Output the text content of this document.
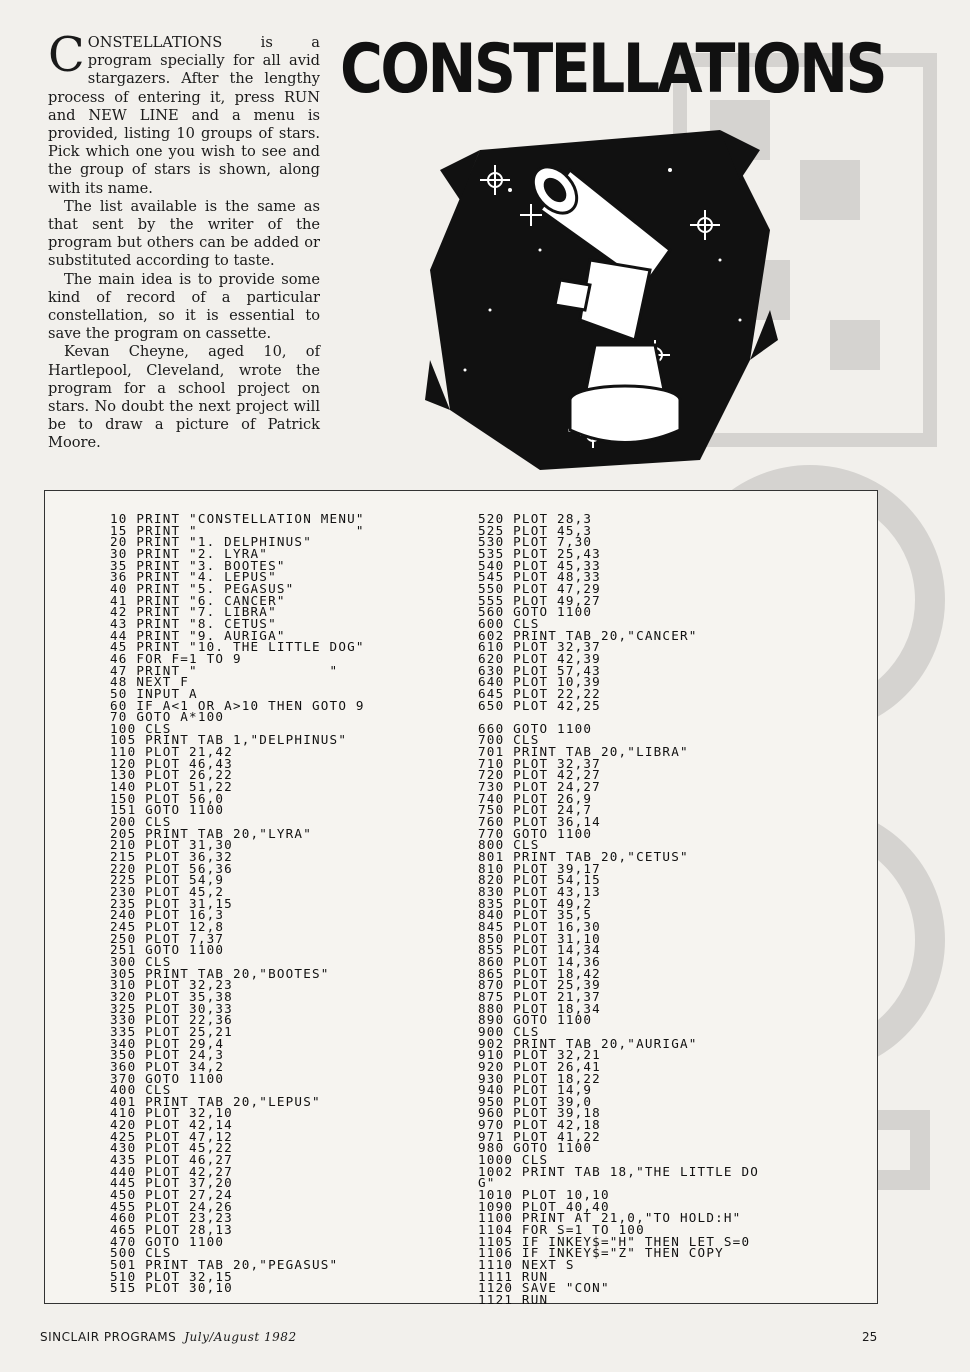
CONSTELLATIONS is a program specially for all avid stargazers. After the lengthy process of entering it, press RUN and NEW LINE and a menu is provided, listing 10 groups of stars. Pick which one you wish to see and the group of stars is shown, along with its name.

The list available is the same as that sent by the writer of the program but others can be added or substituted according to taste.

The main idea is to provide some kind of record of a particular constellation, so it is essential to save the program on cassette.

Kevan Cheyne, aged 10, of Hartlepool, Cleveland, wrote the program for a school project on stars. No doubt the next project will be to draw a picture of Patrick Moore.

CONSTELLATIONS
10 PRINT "CONSTELLATION MENU"
15 PRINT "                  "
20 PRINT "1. DELPHINUS"
30 PRINT "2. LYRA"
35 PRINT "3. BOOTES"
36 PRINT "4. LEPUS"
40 PRINT "5. PEGASUS"
41 PRINT "6. CANCER"
42 PRINT "7. LIBRA"
43 PRINT "8. CETUS"
44 PRINT "9. AURIGA"
45 PRINT "10. THE LITTLE DOG"
46 FOR F=1 TO 9
47 PRINT "               "
48 NEXT F
50 INPUT A
60 IF A<1 OR A>10 THEN GOTO 9
70 GOTO A*100
100 CLS
105 PRINT TAB 1,"DELPHINUS"
110 PLOT 21,42
120 PLOT 46,43
130 PLOT 26,22
140 PLOT 51,22
150 PLOT 56,0
151 GOTO 1100
200 CLS
205 PRINT TAB 20,"LYRA"
210 PLOT 31,30
215 PLOT 36,32
220 PLOT 56,36
225 PLOT 54,9
230 PLOT 45,2
235 PLOT 31,15
240 PLOT 16,3
245 PLOT 12,8
250 PLOT 7,37
251 GOTO 1100
300 CLS
305 PRINT TAB 20,"BOOTES"
310 PLOT 32,23
320 PLOT 35,38
325 PLOT 30,33
330 PLOT 22,36
335 PLOT 25,21
340 PLOT 29,4
350 PLOT 24,3
360 PLOT 34,2
370 GOTO 1100
400 CLS
401 PRINT TAB 20,"LEPUS"
410 PLOT 32,10
420 PLOT 42,14
425 PLOT 47,12
430 PLOT 45,22
435 PLOT 46,27
440 PLOT 42,27
445 PLOT 37,20
450 PLOT 27,24
455 PLOT 24,26
460 PLOT 23,23
465 PLOT 28,13
470 GOTO 1100
500 CLS
501 PRINT TAB 20,"PEGASUS"
510 PLOT 32,15
515 PLOT 30,10
520 PLOT 28,3
525 PLOT 45,3
530 PLOT 7,30
535 PLOT 25,43
540 PLOT 45,33
545 PLOT 48,33
550 PLOT 47,29
555 PLOT 49,27
560 GOTO 1100
600 CLS
602 PRINT TAB 20,"CANCER"
610 PLOT 32,37
620 PLOT 42,39
630 PLOT 57,43
640 PLOT 10,39
645 PLOT 22,22
650 PLOT 42,25
660 GOTO 1100
700 CLS
701 PRINT TAB 20,"LIBRA"
710 PLOT 32,37
720 PLOT 42,27
730 PLOT 24,27
740 PLOT 26,9
750 PLOT 24,7
760 PLOT 36,14
770 GOTO 1100
800 CLS
801 PRINT TAB 20,"CETUS"
810 PLOT 39,17
820 PLOT 54,15
830 PLOT 43,13
835 PLOT 49,2
840 PLOT 35,5
845 PLOT 16,30
850 PLOT 31,10
855 PLOT 14,34
860 PLOT 14,36
865 PLOT 18,42
870 PLOT 25,39
875 PLOT 21,37
880 PLOT 18,34
890 GOTO 1100
900 CLS
902 PRINT TAB 20,"AURIGA"
910 PLOT 32,21
920 PLOT 26,41
930 PLOT 18,22
940 PLOT 14,9
950 PLOT 39,0
960 PLOT 39,18
970 PLOT 42,18
971 PLOT 41,22
980 GOTO 1100
1000 CLS
1002 PRINT TAB 18,"THE LITTLE DO
G"
1010 PLOT 10,10
1090 PLOT 40,40
1100 PRINT AT 21,0,"TO HOLD:H"
1104 FOR S=1 TO 100
1105 IF INKEY$="H" THEN LET S=0
1106 IF INKEY$="Z" THEN COPY
1110 NEXT S
1111 RUN
1120 SAVE "CON"
1121 RUN
SINCLAIR PROGRAMS July/August 1982	25
